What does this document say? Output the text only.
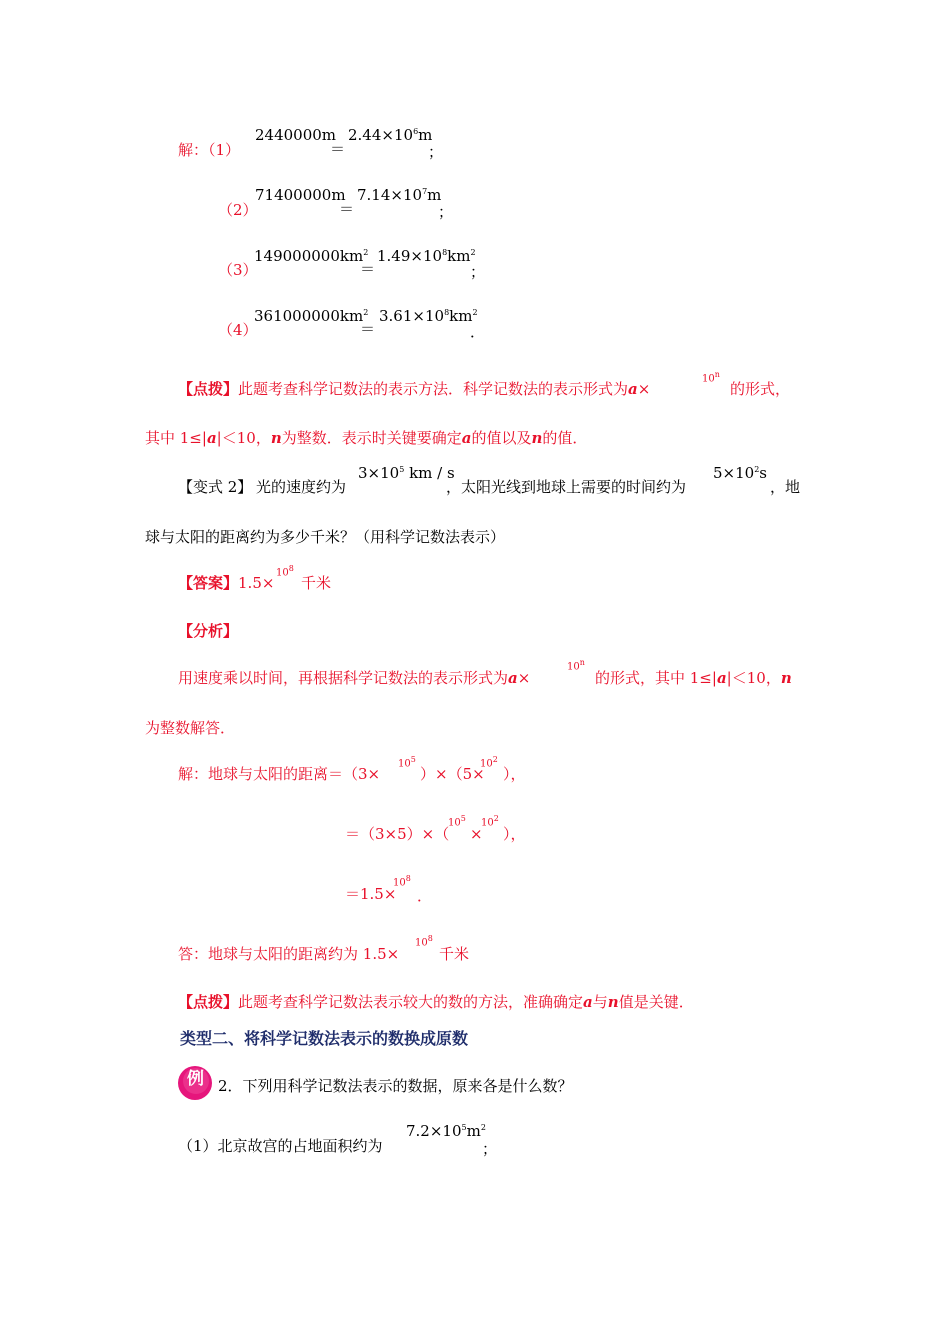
解：（1）
2440000m
＝
$2.44\times 10^6m$
；
（2）
71400000m
＝
$7.14\times 10^7m$
；
（3）
$149000000km^2$
＝
$1.49\times 10^8km^2$
；
（4）
$361000000km^2$
＝
$3.61\times 10^8km^2$
．
【点拨】此题考查科学记数法的表示方法．科学记数法的表示形式为a×
$10^n$
的形式，
其中 1≤|a|＜10，n为整数．表示时关键要确定a的值以及n的值．
【变式 2】 光的速度约为
$3\times 10^5$ km / s
，太阳光线到地球上需要的时间约为
$5\times 10^2s$
，地
球与太阳的距离约为多少千米？（用科学记数法表示）
【答案】1.5×
$10^8$
千米
【分析】
用速度乘以时间，再根据科学记数法的表示形式为a×
$10^n$
的形式，其中 1≤|a|＜10，n
为整数解答．
解：地球与太阳的距离＝（3×
$10^5$
）×（5×
$10^2$
），
＝（3×5）×（
$10^5$
×
$10^2$
），
＝1.5×
$10^8$
．
答：地球与太阳的距离约为 1.5×
$10^8$
千米
【点拨】此题考查科学记数法表示较大的数的方法，准确确定a与n值是关键．
类型二、将科学记数法表示的数换成原数
例 2．下列用科学记数法表示的数据，原来各是什么数？
（1）北京故宫的占地面积约为
$7.2\times 10^5m^2$
；
